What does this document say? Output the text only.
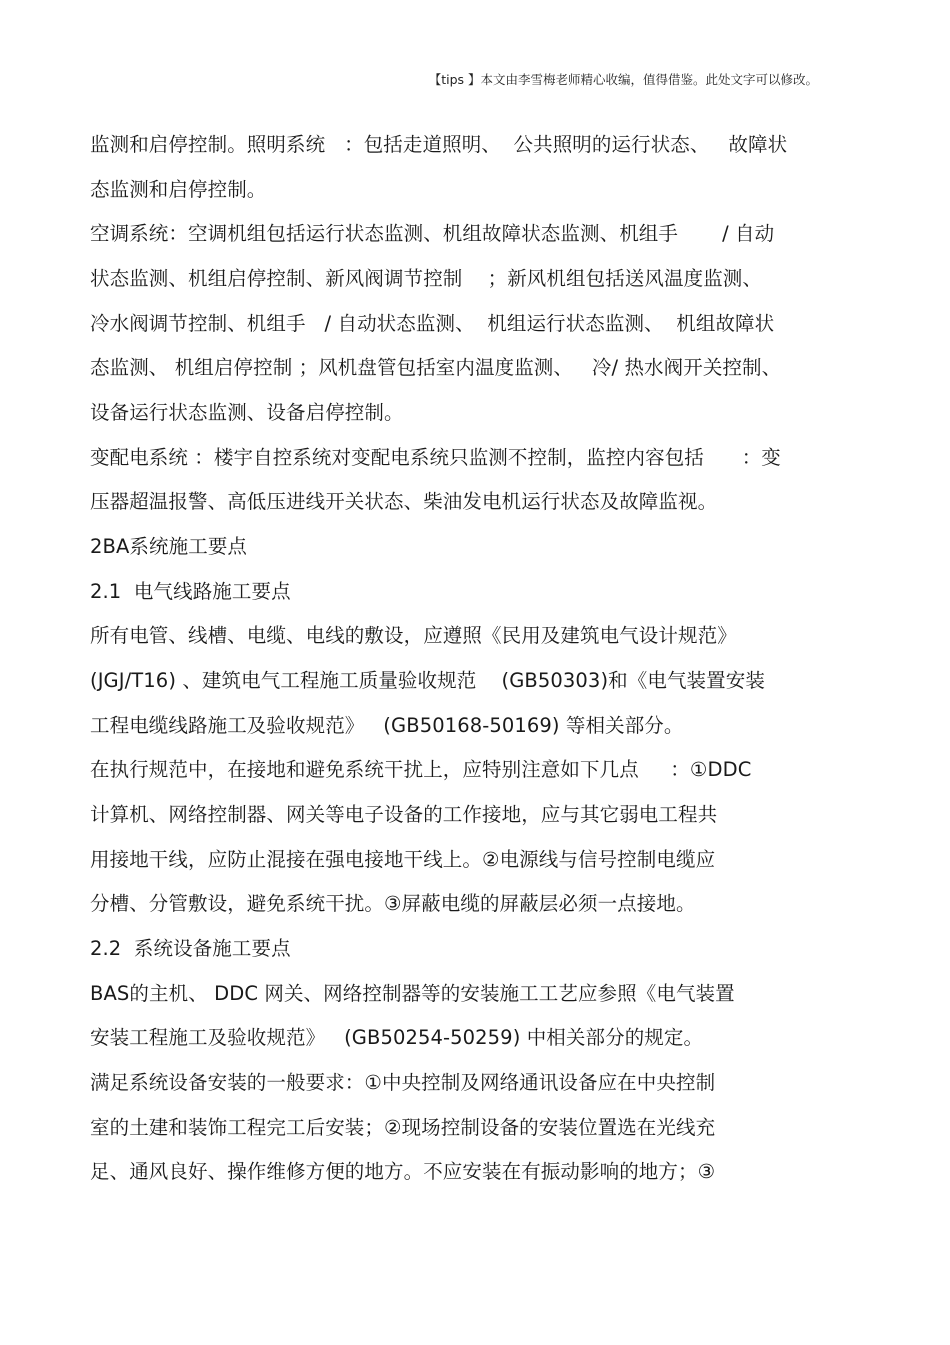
【tips 】本文由李雪梅老师精心收编，值得借鉴。此处文字可以修改。
监测和启停控制。照明系统   ：包括走道照明、  公共照明的运行状态、   故障状
态监测和启停控制。
空调系统：空调机组包括运行状态监测、机组故障状态监测、机组手       / 自动
状态监测、机组启停控制、新风阀调节控制    ；新风机组包括送风温度监测、
冷水阀调节控制、机组手   / 自动状态监测、  机组运行状态监测、  机组故障状
态监测、 机组启停控制 ；风机盘管包括室内温度监测、   冷/ 热水阀开关控制、
设备运行状态监测、设备启停控制。
变配电系统 ：楼宇自控系统对变配电系统只监测不控制，监控内容包括      ：变
压器超温报警、高低压进线开关状态、柴油发电机运行状态及故障监视。
2BA系统施工要点
2.1  电气线路施工要点
所有电管、线槽、电缆、电线的敷设，应遵照《民用及建筑电气设计规范》
(JGJ/T16) 、建筑电气工程施工质量验收规范    (GB50303)和《电气装置安装
工程电缆线路施工及验收规范》   (GB50168-50169) 等相关部分。
在执行规范中，在接地和避免系统干扰上，应特别注意如下几点     ：①DDC
计算机、网络控制器、网关等电子设备的工作接地，应与其它弱电工程共
用接地干线，应防止混接在强电接地干线上。②电源线与信号控制电缆应
分槽、分管敷设，避免系统干扰。③屏蔽电缆的屏蔽层必须一点接地。
2.2  系统设备施工要点
BAS的主机、 DDC 网关、网络控制器等的安装施工工艺应参照《电气装置
安装工程施工及验收规范》   (GB50254-50259) 中相关部分的规定。
满足系统设备安装的一般要求：①中央控制及网络通讯设备应在中央控制
室的土建和装饰工程完工后安装；②现场控制设备的安装位置选在光线充
足、通风良好、操作维修方便的地方。不应安装在有振动影响的地方；③
